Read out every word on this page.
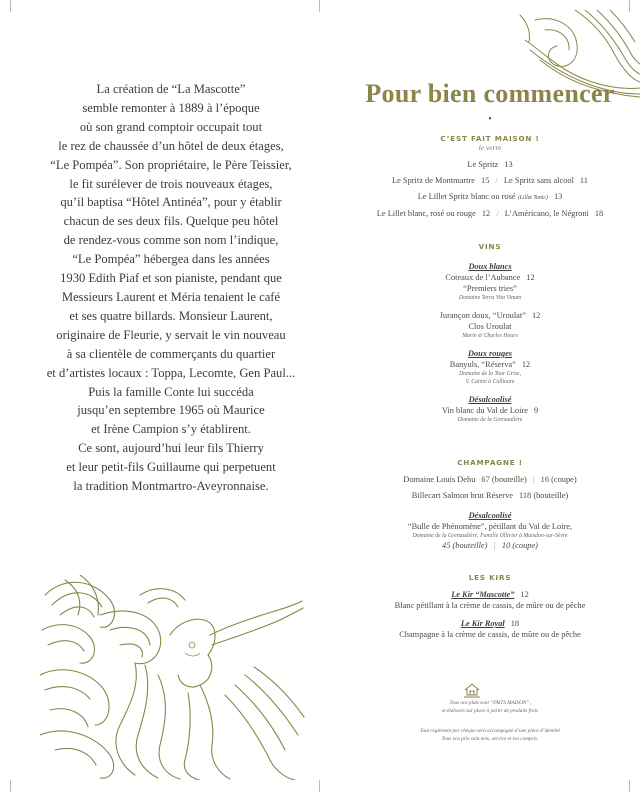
La création de “La Mascotte”

semble remonter à 1889 à l’époque

où son grand comptoir occupait tout

le rez de chaussée d’un hôtel de deux étages,

“Le Pompéa”. Son propriétaire, le Père Teissier,

le fit surélever de trois nouveaux étages,

qu’il baptisa “Hôtel Antinéa”, pour y établir

chacun de ses deux fils. Quelque peu hôtel

de rendez-vous comme son nom l’indique,

“Le Pompéa” hébergea dans les années

1930 Edith Piaf et son pianiste, pendant que

Messieurs Laurent et Méria tenaient le café

et ses quatre billards. Monsieur Laurent,

originaire de Fleurie, y servait le vin nouveau

à sa clientèle de commerçants du quartier

et d’artistes locaux : Toppa, Lecomte, Gen Paul...

Puis la famille Conte lui succéda

jusqu’en septembre 1965 où Maurice

et Irène Campion s’y établirent.

Ce sont, aujourd’hui leur fils Thierry

et leur petit-fils Guillaume qui perpetuent

la tradition Montmartro-Aveyronnaise.

Pour bien commencer
•
C’EST FAIT MAISON !
le verre
Le Spritz 13
Le Spritz de Montmartre 15 / Le Spritz sans alcool 11
Le Lillet Spritz blanc ou rosé (Lillet Tonic) 13
Le Lillet blanc, rosé ou rouge 12 / L’Américano, le Négroni 18
VINS
Doux blancs
Coteaux de l’Aubance 12
“Premiers tries”
Domaine Terra Vita Vinum
Jurançon doux, “Uroulat” 12
Clos Uroulat
Marie et Charles Hours
Doux rouges
Banyuls, “Réserva” 12
Domaine de la Tour Grise,
V. Cantié à Collioure
Désalcoolisé
Vin blanc du Val de Loire 9
Domaine de la Grenaudière
CHAMPAGNE !
Domaine Louis Dehu 67 (bouteille) | 16 (coupe)
Billecart Salmon brut Réserve 118 (bouteille)
Désalcoolisé
“Bulle de Phénomène”, pétillant du Val de Loire,
Domaine de la Grenaudière, Famille Ollivier à Maisdon-sur-Sèvre
45 (bouteille) | 10 (coupe)
LES KIRS
Le Kir “Mascotte” 12
Blanc pétillant à la crème de cassis, de mûre ou de pêche
Le Kir Royal 18
Champagne à la crème de cassis, de mûre ou de pêche
Tous nos plats sont “FAITS MAISON”,
et élaborés sur place à partir de produits frais
Tout règlement par chèque sera accompagné d’une pièce d’identité
Tous nos prix sont nets, service et tva compris.
